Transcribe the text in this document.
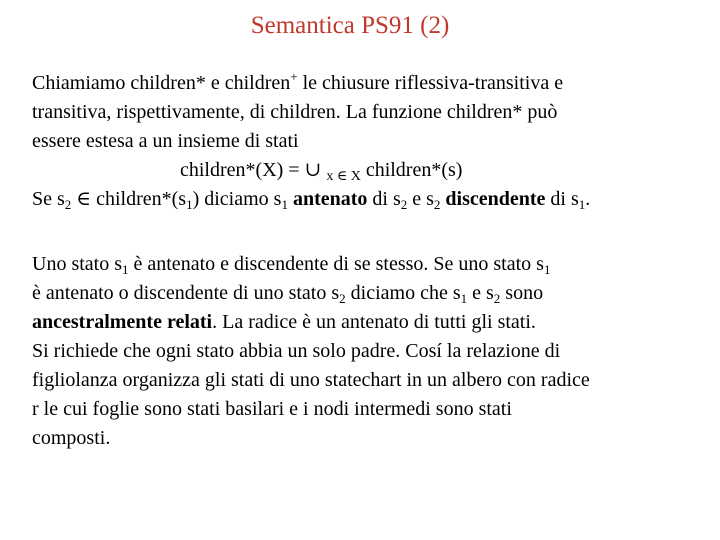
Semantica PS91 (2)
Chiamiamo children* e children+ le chiusure riflessiva-transitiva e
transitiva, rispettivamente, di children. La funzione children* può
essere estesa a un insieme di stati
children*(X) = ∪ $_{x \in X}$ children*(s)
Se $s_2$ ∈ $children*(s_1)$ diciamo $s_1$ antenato di $s_2$ e $s_2$ discendente di $s_1$.
Uno stato $s_1$ è antenato e discendente di se stesso. Se uno stato $s_1$
è antenato o discendente di uno stato $s_2$ diciamo che $s_1$ e $s_2$ sono
ancestralmente relati. La radice è un antenato di tutti gli stati.
Si richiede che ogni stato abbia un solo padre. Cosí la relazione di
figliolanza organizza gli stati di uno statechart in un albero con radice
r le cui foglie sono stati basilari e i nodi intermedi sono stati
composti.
